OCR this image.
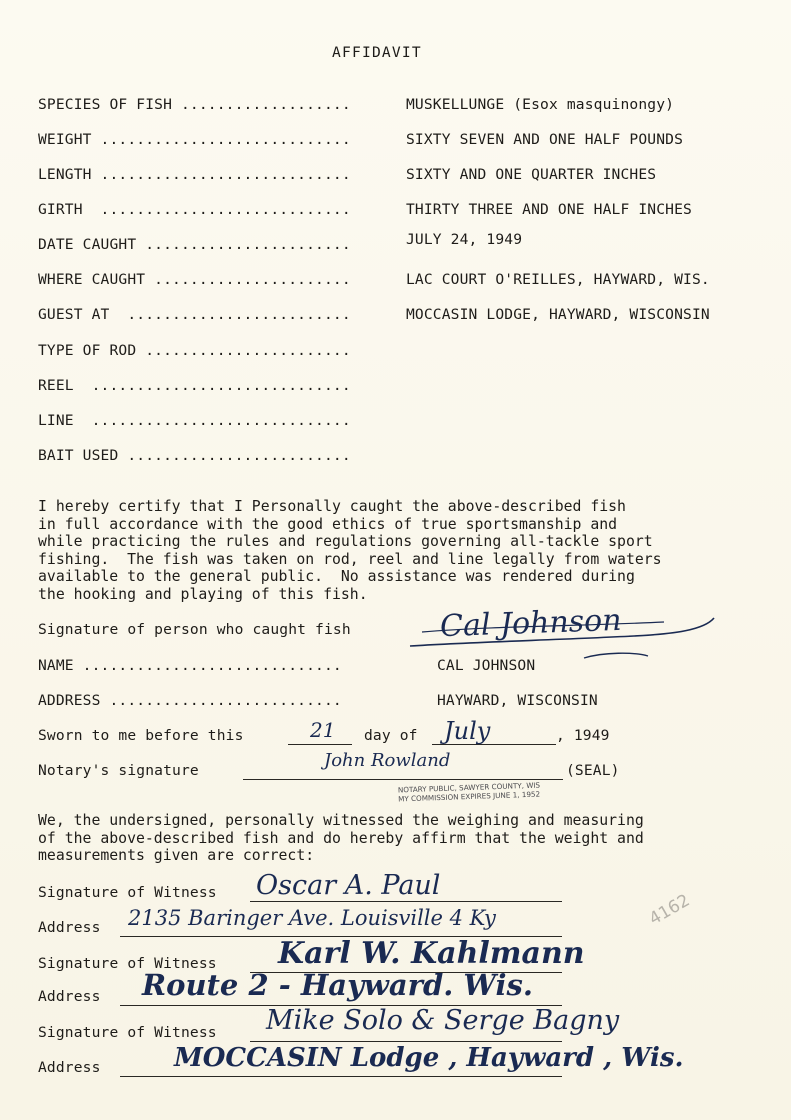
AFFIDAVIT
SPECIES OF FISH ...................	MUSKELLUNGE (Esox masquinongy)
WEIGHT ............................	SIXTY SEVEN AND ONE HALF POUNDS
LENGTH ............................	SIXTY AND ONE QUARTER INCHES
GIRTH  ............................	THIRTY THREE AND ONE HALF INCHES
DATE CAUGHT .......................	JULY 24, 1949
WHERE CAUGHT ......................	LAC COURT O'REILLES, HAYWARD, WIS.
GUEST AT  .........................	MOCCASIN LODGE, HAYWARD, WISCONSIN
TYPE OF ROD .......................
REEL  .............................
LINE  .............................
BAIT USED .........................
I hereby certify that I Personally caught the above-described fish
in full accordance with the good ethics of true sportsmanship and
while practicing the rules and regulations governing all-tackle sport
fishing.  The fish was taken on rod, reel and line legally from waters
available to the general public.  No assistance was rendered during
the hooking and playing of this fish.
Signature of person who caught fish	Cal Johnson
NAME .............................	CAL JOHNSON
ADDRESS ..........................	HAYWARD, WISCONSIN
Sworn to me before this	21 day of July	, 1949
Notary's signature	John Rowland	(SEAL)
NOTARY PUBLIC, SAWYER COUNTY, WIS
MY COMMISSION EXPIRES JUNE 1, 1952
We, the undersigned, personally witnessed the weighing and measuring
of the above-described fish and do hereby affirm that the weight and
measurements given are correct:
Signature of Witness Oscar A. Paul
Address 2135 Baringer Ave. Louisville 4 Ky
Signature of Witness Karl W. Kahlmann
Address Route 2 - Hayward. Wis.
Signature of Witness Mike Solo & Serge Bagny
Address	MOCCASIN Lodge , Hayward , Wis.
4162
